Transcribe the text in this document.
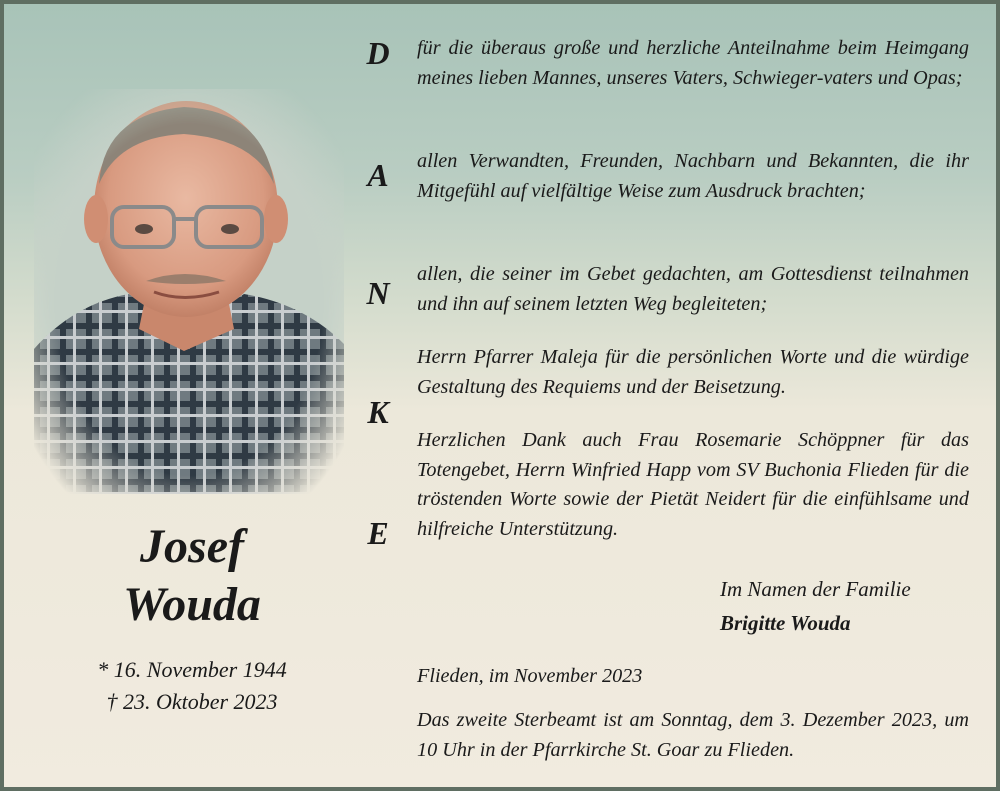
Josef
Wouda
* 16. November 1944
† 23. Oktober 2023
D
A
N
K
E

für die überaus große und herzliche Anteilnahme beim Heimgang meines lieben Mannes, unseres Vaters, Schwieger-vaters und Opas;

allen Verwandten, Freunden, Nachbarn und Bekannten, die ihr Mitgefühl auf vielfältige Weise zum Ausdruck brachten;

allen, die seiner im Gebet gedachten, am Gottesdienst teilnahmen und ihn auf seinem letzten Weg begleiteten;

Herrn Pfarrer Maleja für die persönlichen Worte und die würdige Gestaltung des Requiems und der Beisetzung.

Herzlichen Dank auch Frau Rosemarie Schöppner für das Totengebet, Herrn Winfried Happ vom SV Buchonia Flieden für die tröstenden Worte sowie der Pietät Neidert für die einfühlsame und hilfreiche Unterstützung.

Im Namen der Familie
Brigitte Wouda
Flieden, im November 2023

Das zweite Sterbeamt ist am Sonntag, dem 3. Dezember 2023, um 10 Uhr in der Pfarrkirche St. Goar zu Flieden.
